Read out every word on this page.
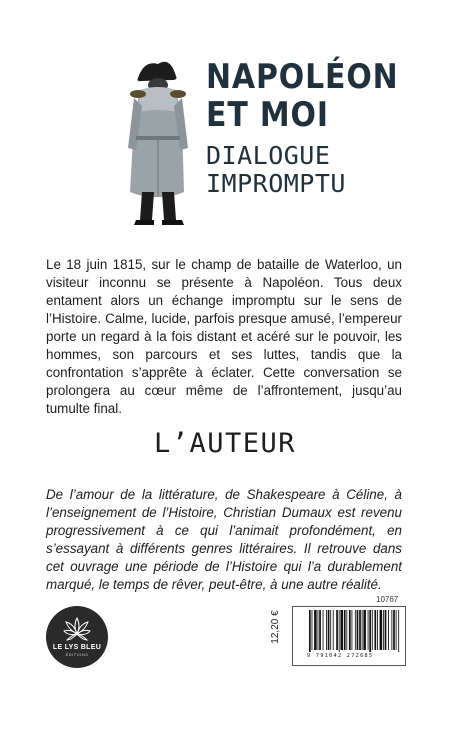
NAPOLÉON
ET MOI
DIALOGUE
IMPROMPTU
Le 18 juin 1815, sur le champ de bataille de Waterloo, un visiteur inconnu se présente à Napoléon. Tous deux entament alors un échange impromptu sur le sens de l’Histoire. Calme, lucide, parfois presque amusé, l’empereur porte un regard à la fois distant et acéré sur le pouvoir, les hommes, son parcours et ses luttes, tandis que la confrontation s’apprête à éclater. Cette conversation se prolongera au cœur même de l’affrontement, jusqu’au tumulte final.
L’AUTEUR
De l’amour de la littérature, de Shakespeare à Céline, à l’enseignement de l’Histoire, Christian Dumaux est revenu progressivement à ce qui l’animait profondément, en s’essayant à différents genres littéraires. Il retrouve dans cet ouvrage une période de l’Histoire qui l’a durablement marqué, le temps de rêver, peut-être, à une autre réalité.
LE LYS BLEU
ÉDITIONS
10767
12,20 €
9 791042 272685
